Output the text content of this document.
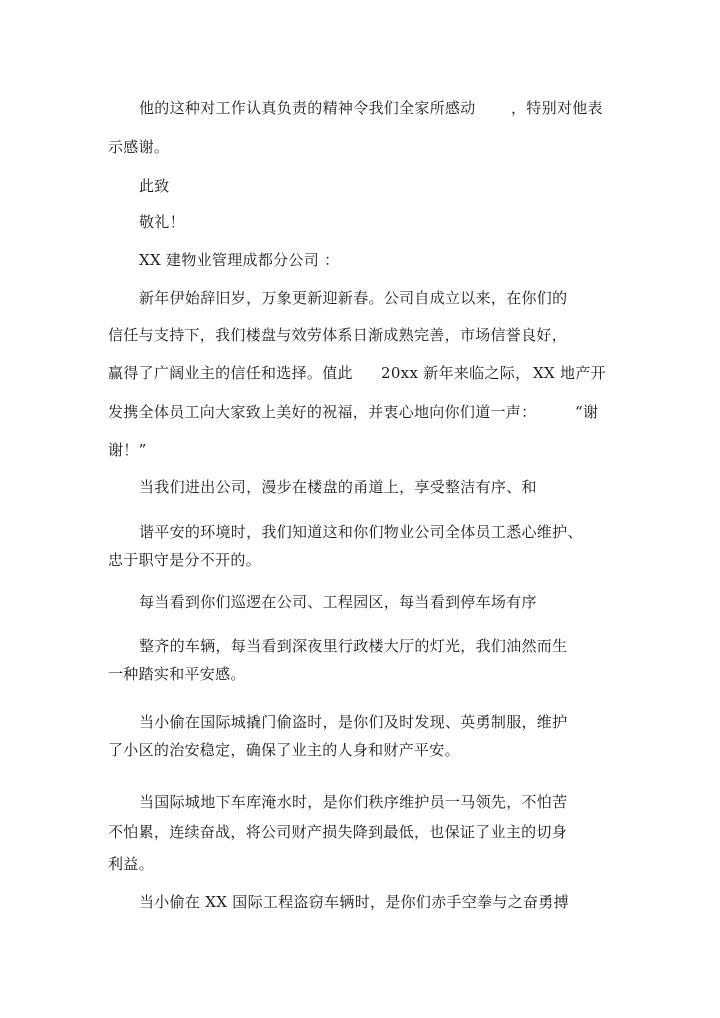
他的这种对工作认真负责的精神令我们全家所感动 ，特别对他表
示感谢。
此致
敬礼！
XX 建物业管理成都分公司 ：
新年伊始辞旧岁，万象更新迎新春。公司自成立以来，在你们的
信任与支持下，我们楼盘与效劳体系日渐成熟完善，市场信誉良好，
赢得了广阔业主的信任和选择。值此 20xx 新年来临之际， XX 地产开
发携全体员工向大家致上美好的祝福，并衷心地向你们道一声：	“谢
谢！”
当我们进出公司，漫步在楼盘的甬道上，享受整洁有序、和
谐平安的环境时，我们知道这和你们物业公司全体员工悉心维护、
忠于职守是分不开的。
每当看到你们巡逻在公司、工程园区，每当看到停车场有序
整齐的车辆，每当看到深夜里行政楼大厅的灯光，我们油然而生
一种踏实和平安感。
当小偷在国际城撬门偷盗时，是你们及时发现、英勇制服，维护
了小区的治安稳定，确保了业主的人身和财产平安。
当国际城地下车库淹水时，是你们秩序维护员一马领先，不怕苦
不怕累，连续奋战，将公司财产损失降到最低，也保证了业主的切身
利益。
当小偷在 XX 国际工程盗窃车辆时，是你们赤手空拳与之奋勇搏
